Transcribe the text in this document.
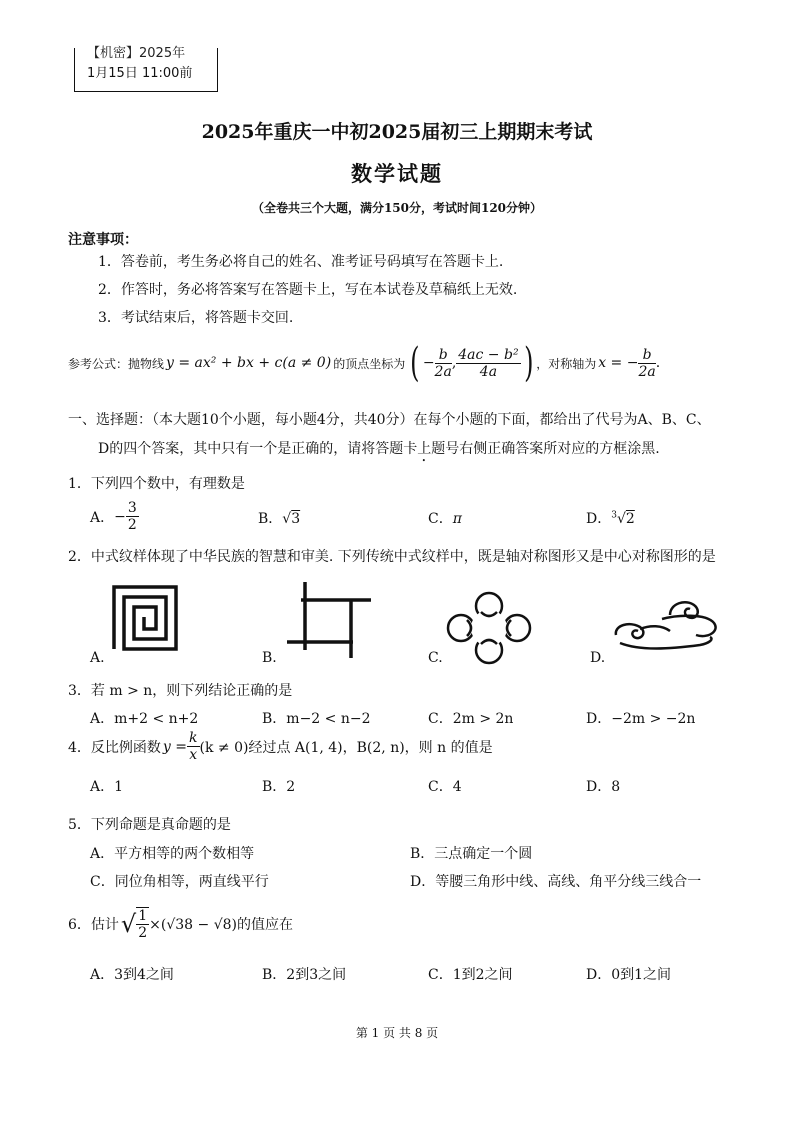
【机密】2025年
1月15日 11:00前
2025年重庆一中初2025届初三上期期末考试
数学试题
（全卷共三个大题，满分150分，考试时间120分钟）
注意事项：
1．答卷前，考生务必将自己的姓名、准考证号码填写在答题卡上.
2．作答时，务必将答案写在答题卡上，写在本试卷及草稿纸上无效.
3．考试结束后，将答题卡交回.
参考公式：抛物线 y = ax² + bx + c(a ≠ 0) 的顶点坐标为 ( − $\frac{b}{2a}$ , $\frac{\text{4ac − b²}}{4a}$ ) ，对称轴为 x = − $\frac{b}{2a}$ .
一、选择题：（本大题10个小题，每小题4分，共40分）在每个小题的下面，都给出了代号为A、B、C、
D的四个答案，其中只有一个是正确的，请将答题卡上题号右侧正确答案所对应的方框涂黑.
1．下列四个数中，有理数是
A． − $\frac{3}{2}$	B．√3	C．π	D．$^3$√2
2．中式纹样体现了中华民族的智慧和审美. 下列传统中式纹样中，既是轴对称图形又是中心对称图形的是
A.	B.	C.	D.
3．若 m > n，则下列结论正确的是
A．m+2 < n+2	B．m−2 < n−2	C．2m > 2n	D．−2m > −2n
4．反比例函数 $y = \frac{k}{x} (k \ne 0)$经过点 A(1, 4)，B(2, n)，则 n 的值是
A．1	B．2	C．4	D．8
5．下列命题是真命题的是
A．平方相等的两个数相等	B．三点确定一个圆
C．同位角相等，两直线平行	D．等腰三角形中线、高线、角平分线三线合一
6．估计 √ $\frac{1}{2} \times(√38 - √8)$的值应在
A．3到4之间	B．2到3之间	C．1到2之间	D．0到1之间
第 1 页 共 8 页
